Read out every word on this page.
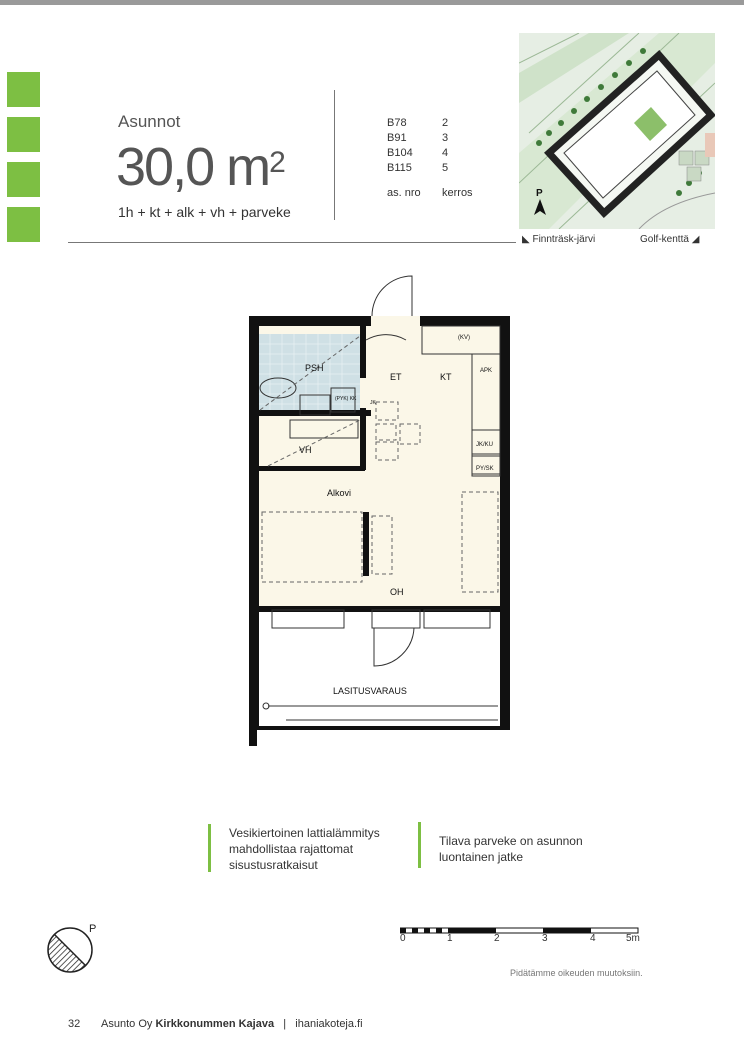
Asunnot
30,0 $m^2$
1h + kt + alk + vh + parveke
B78	2
B91	3
B104	4
B115	5
as. nro	kerros	P
◣ Finnträsk-järvi	Golf-kenttä ◢
PSH
ET	KT
VH
Alkovi
OH
LASITUSVARAUS
(KV)
APK
(PYK) KK
JK/KU
PY/SK
JK
Vesikiertoinen lattialämmitys
mahdollistaa rajattomat
sisustusratkaisut
Tilava parveke on asunnon
luontainen jatke
P
0	1	2	3	4	5m
Pidätämme oikeuden muutoksiin.
32 Asunto Oy Kirkkonummen Kajava | ihaniakoteja.fi
